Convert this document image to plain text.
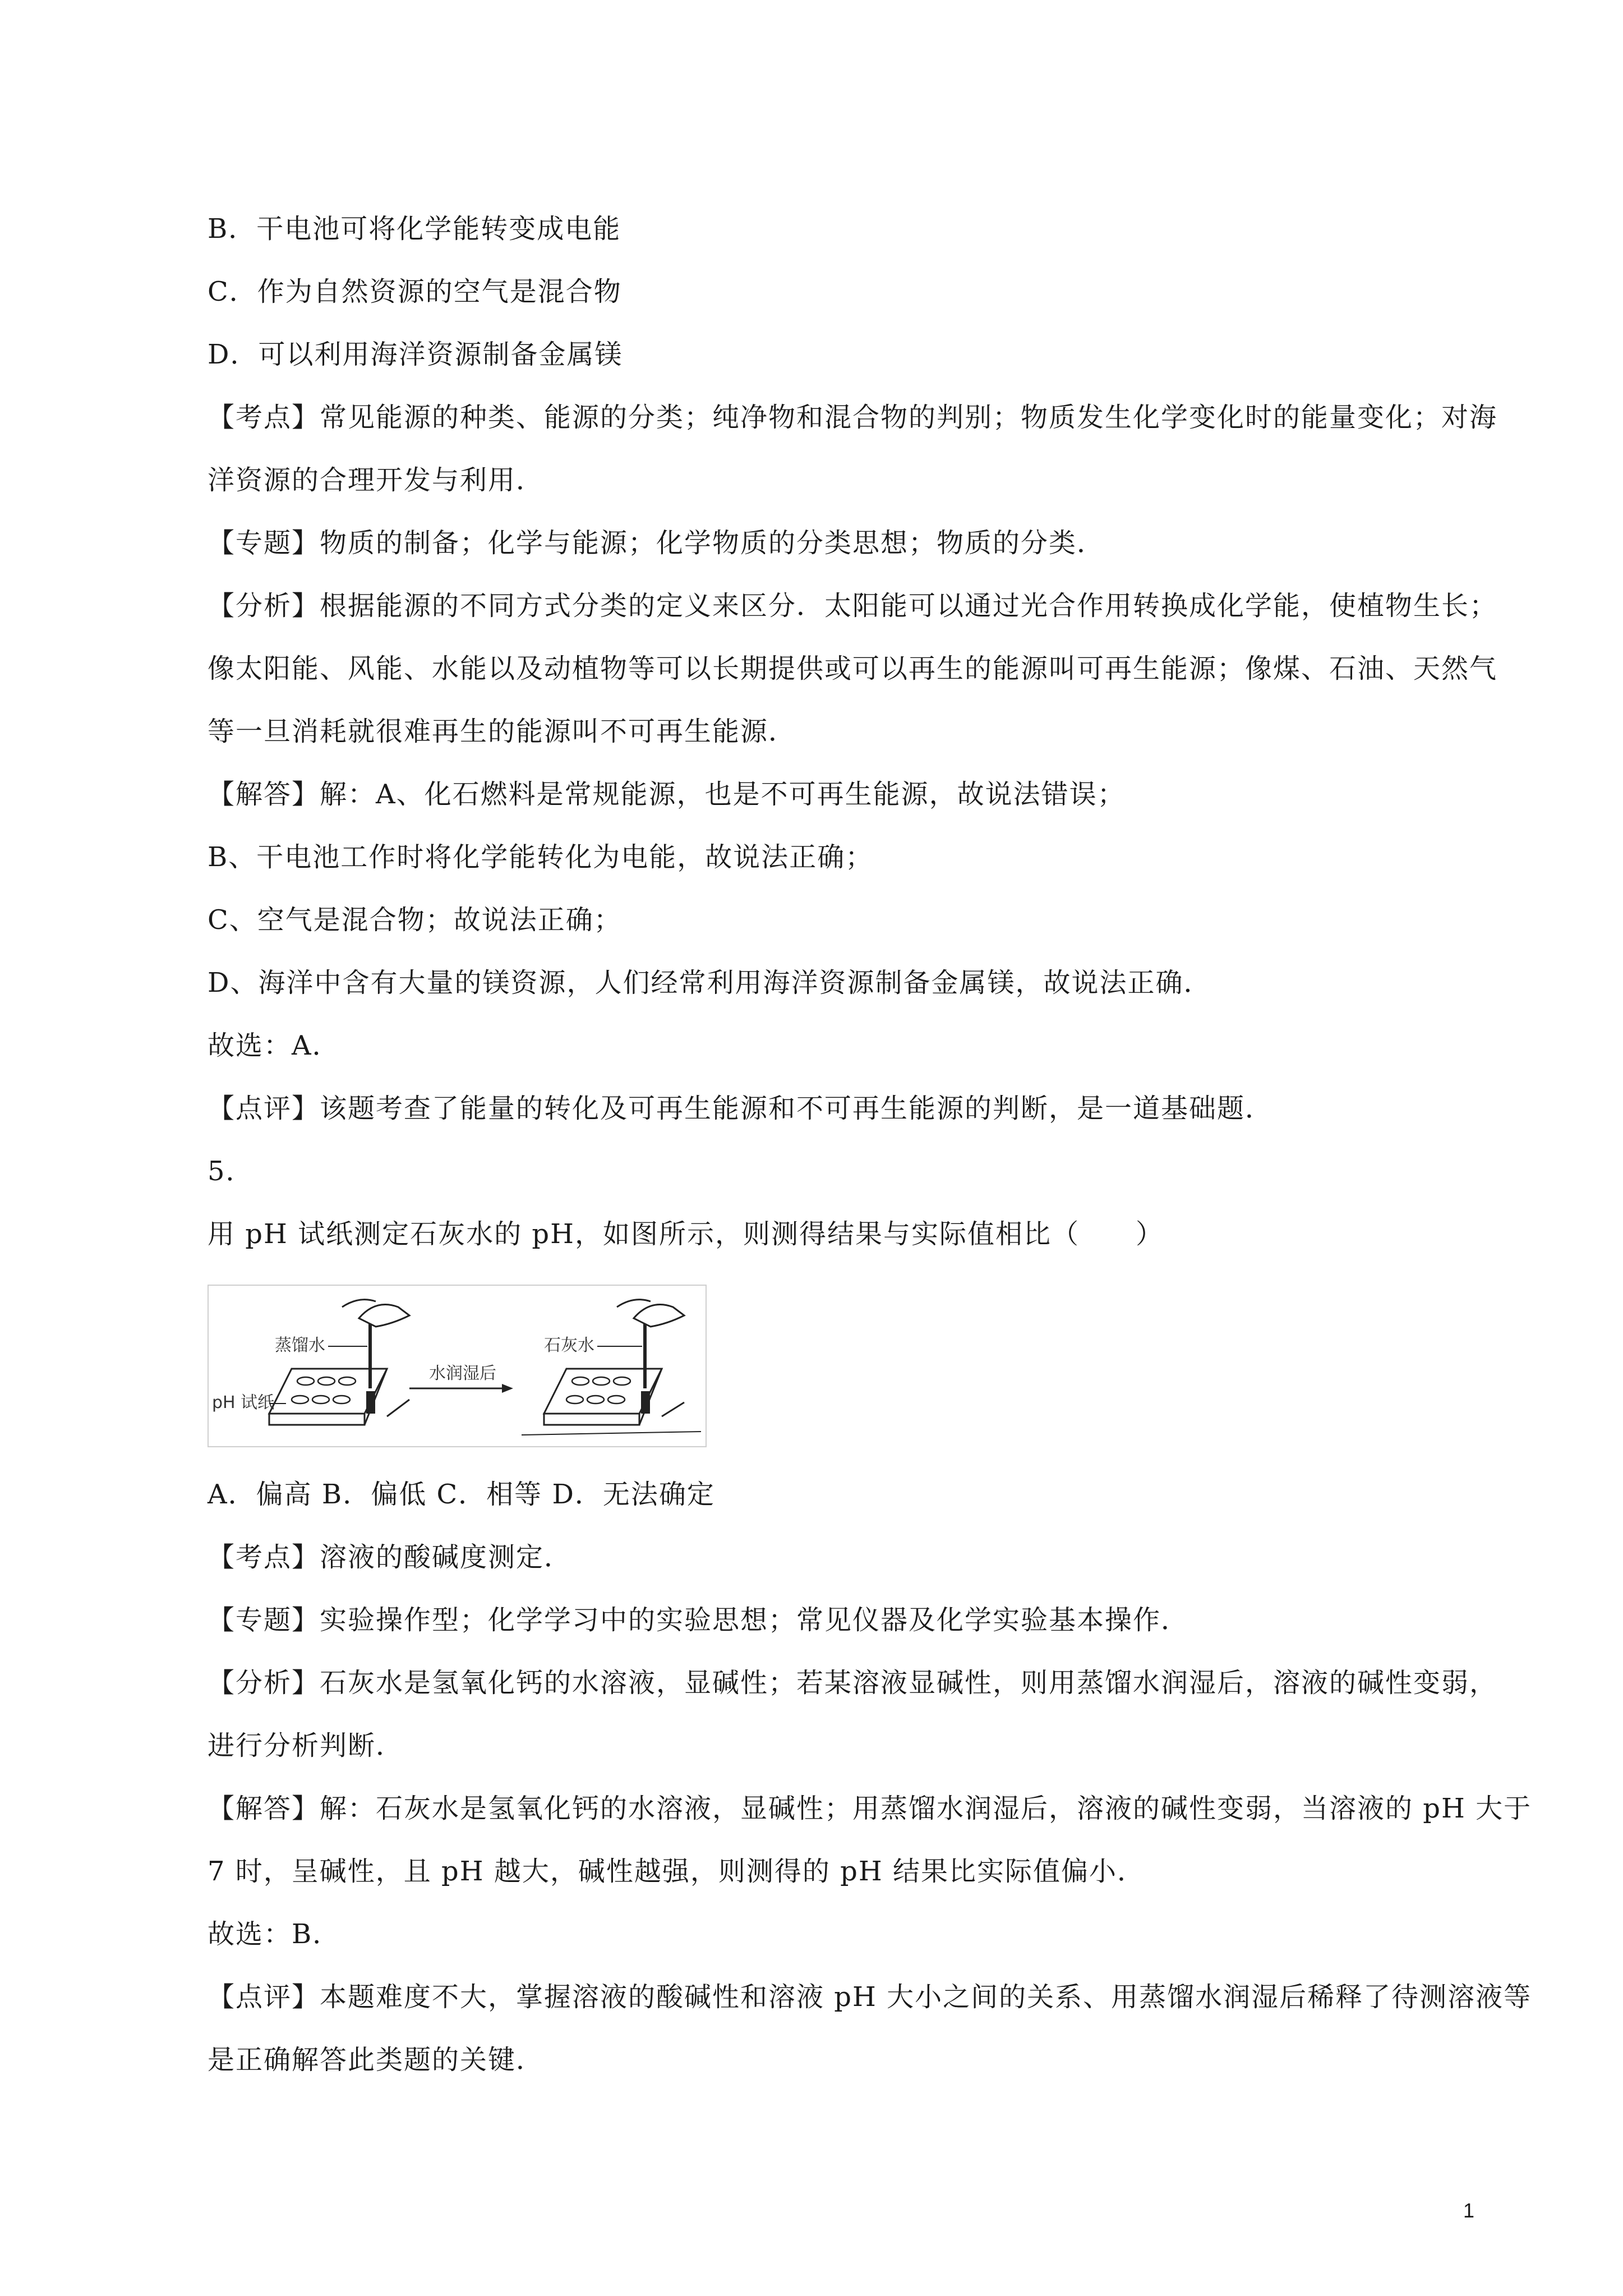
B．干电池可将化学能转变成电能
C．作为自然资源的空气是混合物
D．可以利用海洋资源制备金属镁
【考点】常见能源的种类、能源的分类；纯净物和混合物的判别；物质发生化学变化时的能量变化；对海
洋资源的合理开发与利用．
【专题】物质的制备；化学与能源；化学物质的分类思想；物质的分类．
【分析】根据能源的不同方式分类的定义来区分．太阳能可以通过光合作用转换成化学能，使植物生长；
像太阳能、风能、水能以及动植物等可以长期提供或可以再生的能源叫可再生能源；像煤、石油、天然气
等一旦消耗就很难再生的能源叫不可再生能源．
【解答】解：A、化石燃料是常规能源，也是不可再生能源，故说法错误；
B、干电池工作时将化学能转化为电能，故说法正确；
C、空气是混合物；故说法正确；
D、海洋中含有大量的镁资源，人们经常利用海洋资源制备金属镁，故说法正确．
故选：A．
【点评】该题考查了能量的转化及可再生能源和不可再生能源的判断，是一道基础题．
5．
用 pH 试纸测定石灰水的 pH，如图所示，则测得结果与实际值相比（　　）
蒸馏水
pH 试纸
水润湿后
石灰水
A．偏高 B．偏低 C．相等 D．无法确定
【考点】溶液的酸碱度测定．
【专题】实验操作型；化学学习中的实验思想；常见仪器及化学实验基本操作．
【分析】石灰水是氢氧化钙的水溶液，显碱性；若某溶液显碱性，则用蒸馏水润湿后，溶液的碱性变弱，
进行分析判断．
【解答】解：石灰水是氢氧化钙的水溶液，显碱性；用蒸馏水润湿后，溶液的碱性变弱，当溶液的 pH 大于
7 时，呈碱性，且 pH 越大，碱性越强，则测得的 pH 结果比实际值偏小．
故选：B．
【点评】本题难度不大，掌握溶液的酸碱性和溶液 pH 大小之间的关系、用蒸馏水润湿后稀释了待测溶液等
是正确解答此类题的关键．
1
